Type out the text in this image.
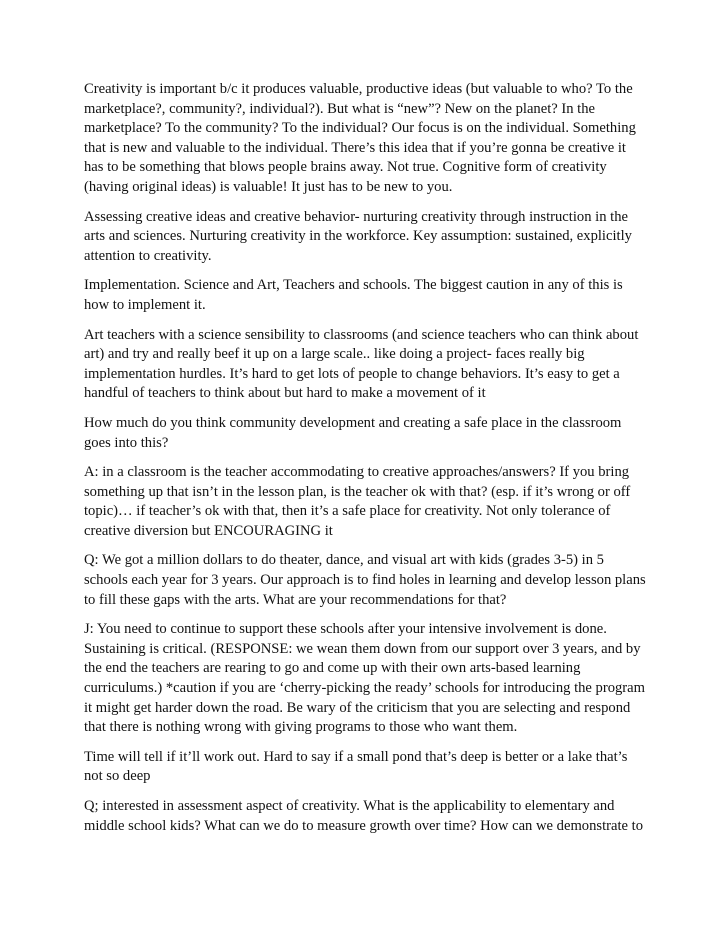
Creativity is important b/c it produces valuable, productive ideas (but valuable to who? To the marketplace?, community?, individual?). But what is “new”? New on the planet? In the marketplace? To the community? To the individual? Our focus is on the individual. Something that is new and valuable to the individual. There’s this idea that if you’re gonna be creative it has to be something that blows people brains away. Not true. Cognitive form of creativity (having original ideas) is valuable! It just has to be new to you.

Assessing creative ideas and creative behavior- nurturing creativity through instruction in the arts and sciences. Nurturing creativity in the workforce. Key assumption: sustained, explicitly attention to creativity.

Implementation. Science and Art, Teachers and schools. The biggest caution in any of this is how to implement it.

Art teachers with a science sensibility to classrooms (and science teachers who can think about art) and try and really beef it up on a large scale.. like doing a project- faces really big implementation hurdles. It’s hard to get lots of people to change behaviors. It’s easy to get a handful of teachers to think about but hard to make a movement of it

How much do you think community development and creating a safe place in the classroom goes into this?

A: in a classroom is the teacher accommodating to creative approaches/answers? If you bring something up that isn’t in the lesson plan, is the teacher ok with that? (esp. if it’s wrong or off topic)… if teacher’s ok with that, then it’s a safe place for creativity. Not only tolerance of creative diversion but ENCOURAGING it

Q: We got a million dollars to do theater, dance, and visual art with kids (grades 3-5) in 5 schools each year for 3 years. Our approach is to find holes in learning and develop lesson plans to fill these gaps with the arts. What are your recommendations for that?

J: You need to continue to support these schools after your intensive involvement is done. Sustaining is critical. (RESPONSE: we wean them down from our support over 3 years, and by the end the teachers are rearing to go and come up with their own arts-based learning curriculums.) *caution if you are ‘cherry-picking the ready’ schools for introducing the program it might get harder down the road. Be wary of the criticism that you are selecting and respond that there is nothing wrong with giving programs to those who want them.

Time will tell if it’ll work out. Hard to say if a small pond that’s deep is better or a lake that’s not so deep

Q; interested in assessment aspect of creativity. What is the applicability to elementary and middle school kids? What can we do to measure growth over time? How can we demonstrate to
